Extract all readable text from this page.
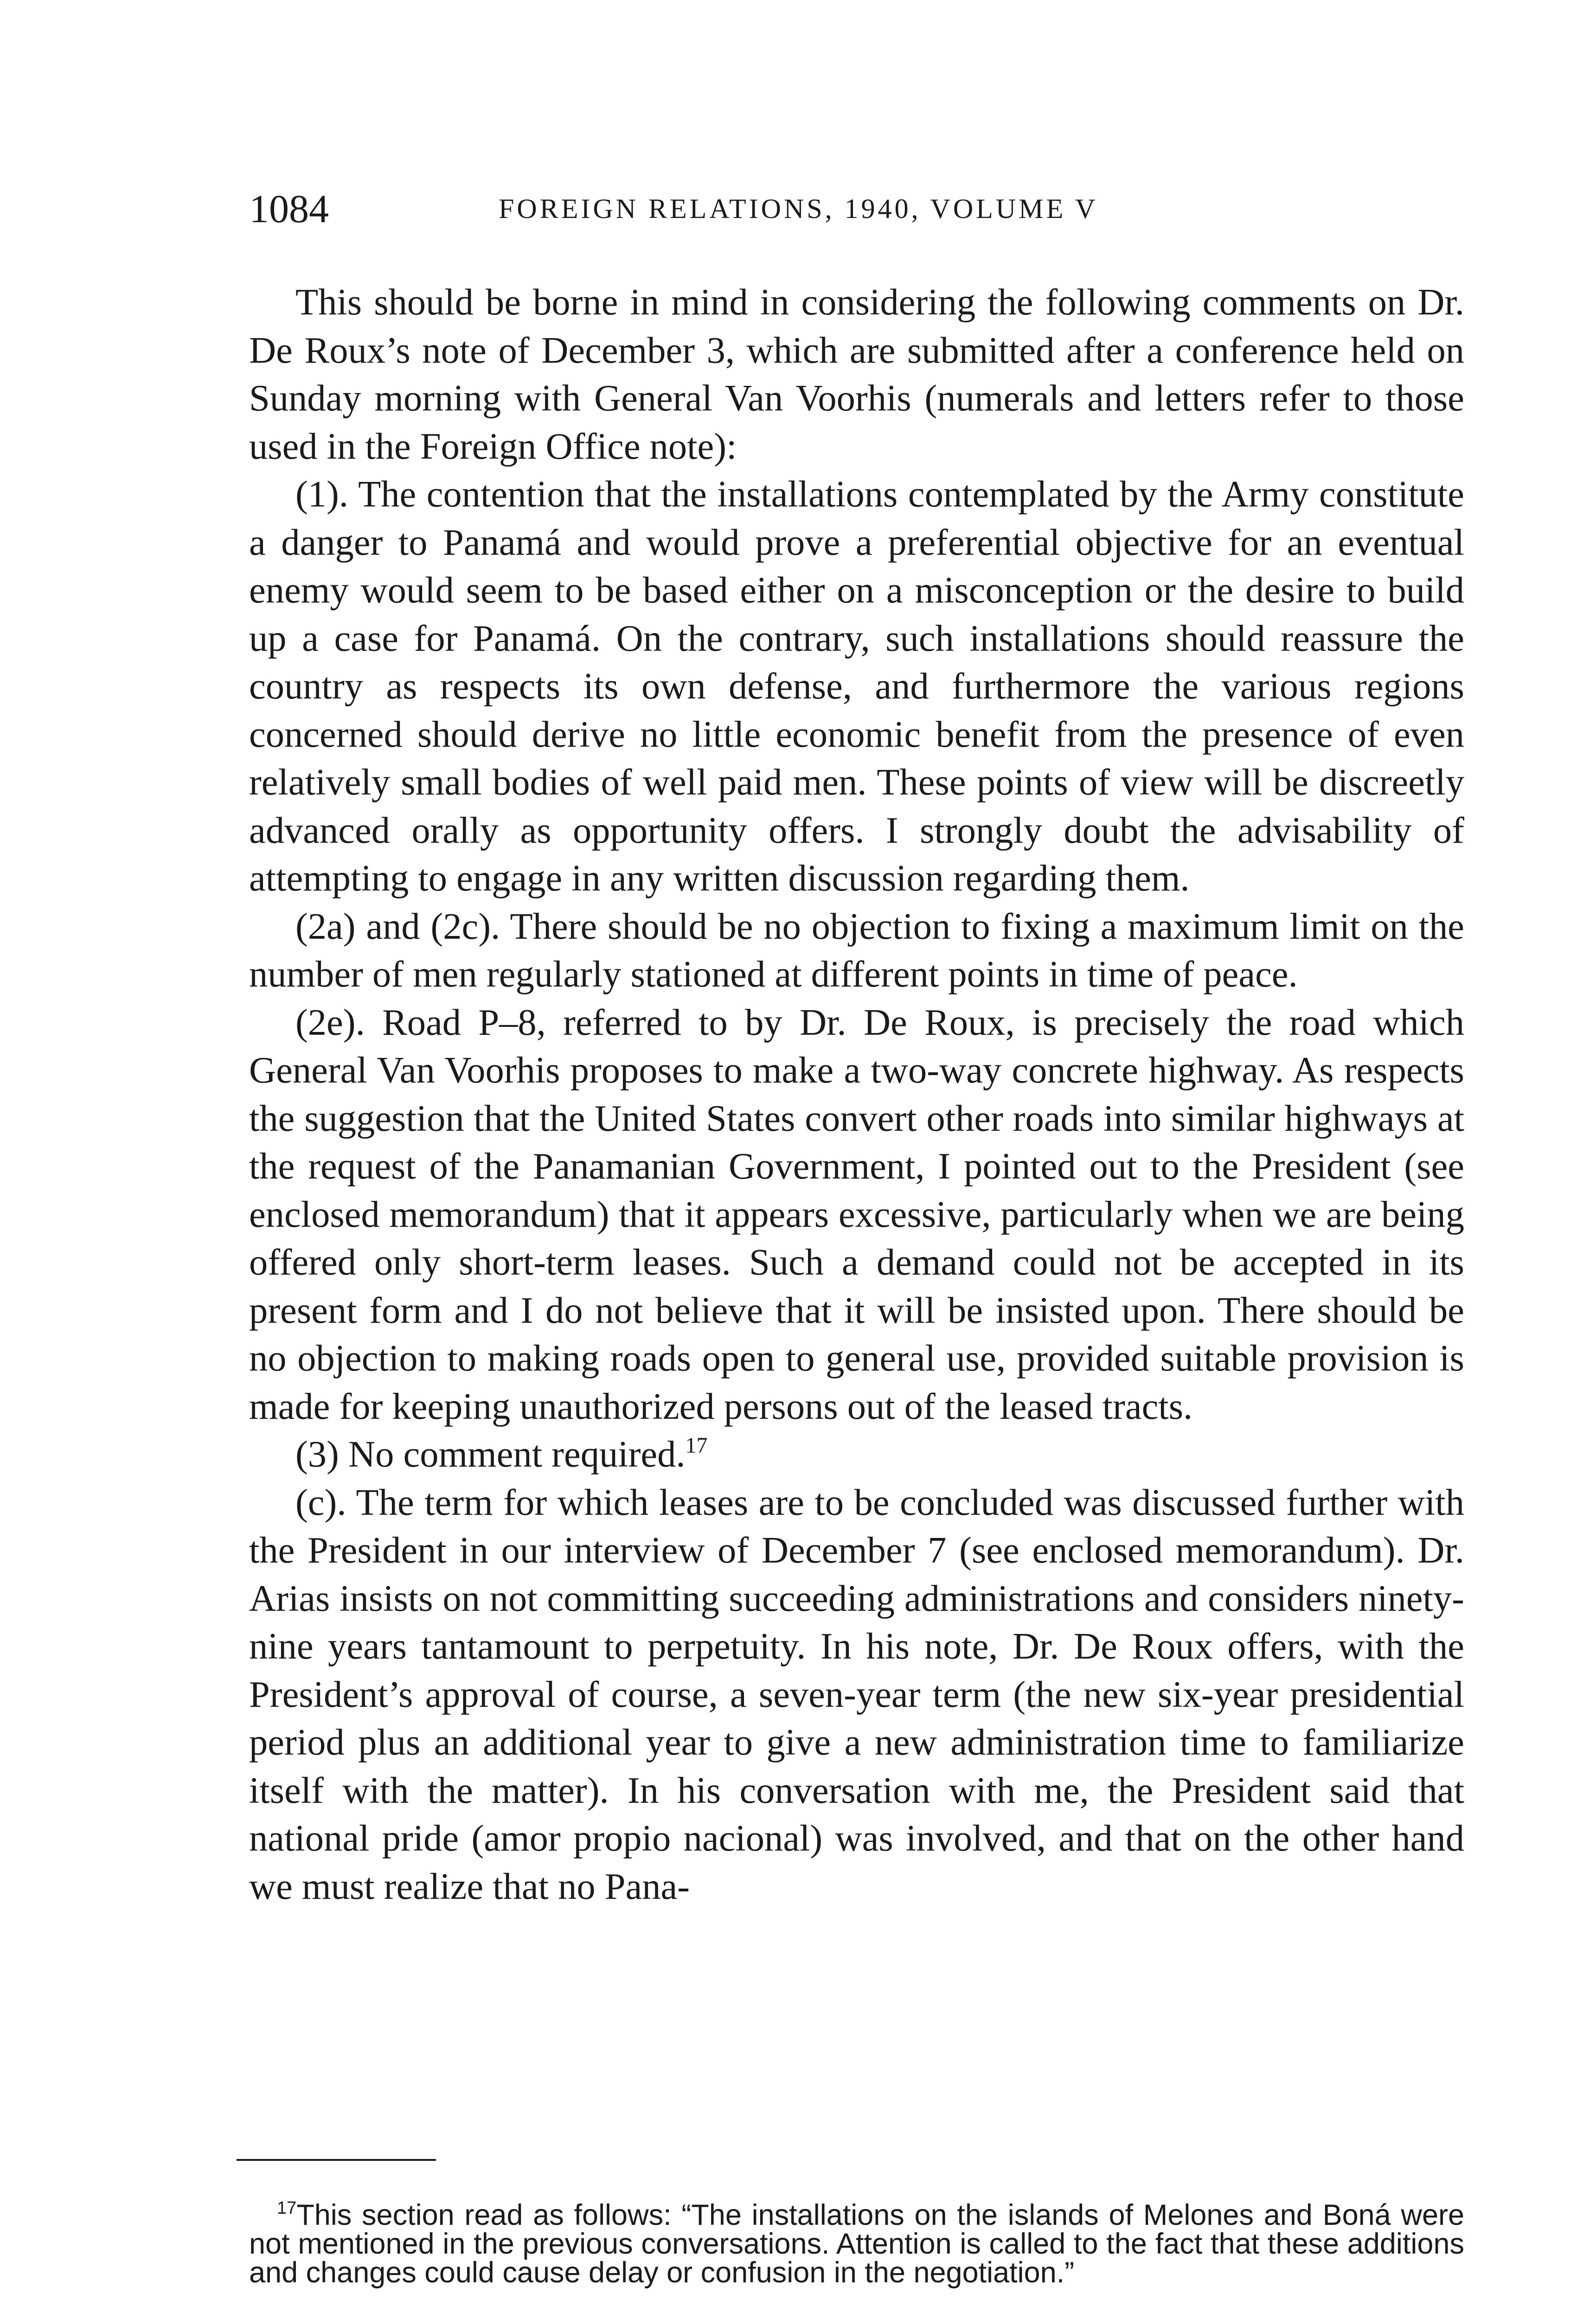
1084	FOREIGN RELATIONS, 1940, VOLUME V

This should be borne in mind in considering the following comments on Dr. De Roux’s note of December 3, which are submitted after a conference held on Sunday morning with General Van Voorhis (numerals and letters refer to those used in the Foreign Office note):

(1). The contention that the installations contemplated by the Army constitute a danger to Panamá and would prove a preferential objective for an eventual enemy would seem to be based either on a misconception or the desire to build up a case for Panamá. On the contrary, such installations should reassure the country as respects its own defense, and furthermore the various regions concerned should derive no little economic benefit from the presence of even relatively small bodies of well paid men. These points of view will be discreetly advanced orally as opportunity offers. I strongly doubt the advisability of attempting to engage in any written discussion regarding them.

(2a) and (2c). There should be no objection to fixing a maximum limit on the number of men regularly stationed at different points in time of peace.

(2e). Road P–8, referred to by Dr. De Roux, is precisely the road which General Van Voorhis proposes to make a two-way concrete highway. As respects the suggestion that the United States convert other roads into similar highways at the request of the Panamanian Government, I pointed out to the President (see enclosed memorandum) that it appears excessive, particularly when we are being offered only short-term leases. Such a demand could not be accepted in its present form and I do not believe that it will be insisted upon. There should be no objection to making roads open to general use, provided suitable provision is made for keeping unauthorized persons out of the leased tracts.

(3) No comment required.$^{17}$

(c). The term for which leases are to be concluded was discussed further with the President in our interview of December 7 (see enclosed memorandum). Dr. Arias insists on not committing succeeding administrations and considers ninety-nine years tantamount to perpetuity. In his note, Dr. De Roux offers, with the President’s approval of course, a seven-year term (the new six-year presidential period plus an additional year to give a new administration time to familiarize itself with the matter). In his conversation with me, the President said that national pride (amor propio nacional) was involved, and that on the other hand we must realize that no Pana-

$^{17}$This section read as follows: “The installations on the islands of Melones and Boná were not mentioned in the previous conversations. Attention is called to the fact that these additions and changes could cause delay or confusion in the negotiation.”
